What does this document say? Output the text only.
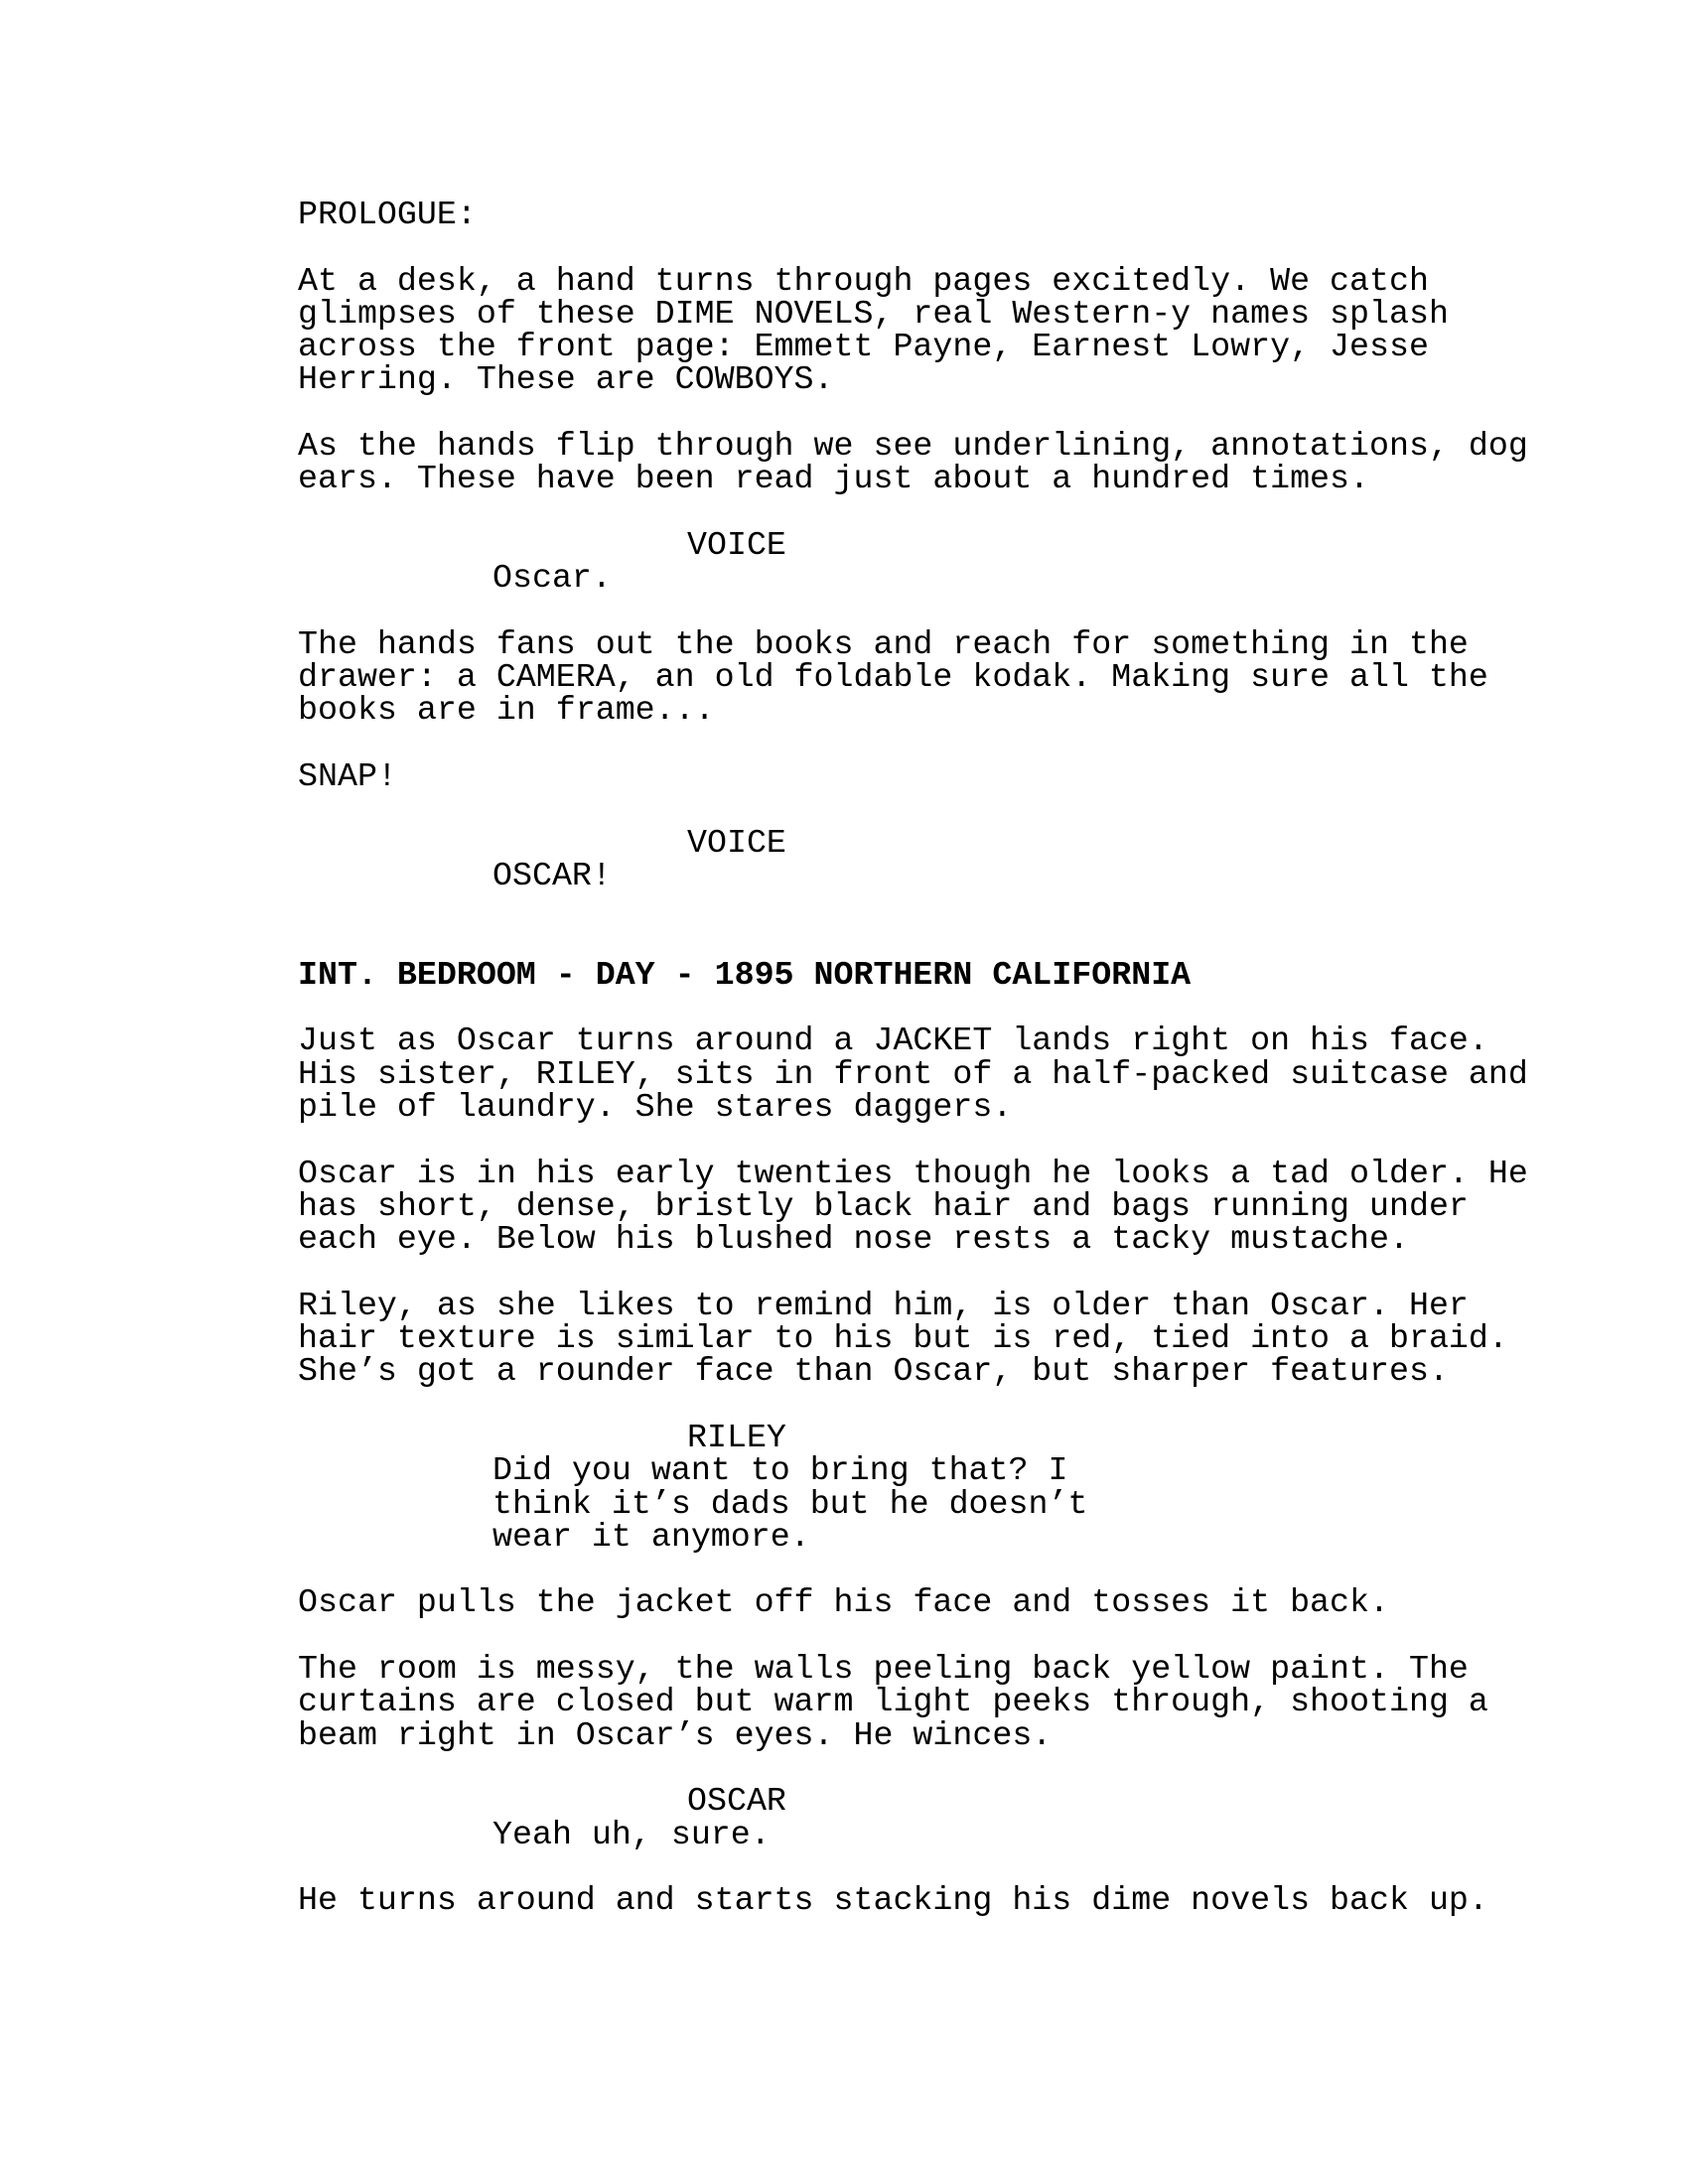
PROLOGUE:
At a desk, a hand turns through pages excitedly. We catch
glimpses of these DIME NOVELS, real Western-y names splash
across the front page: Emmett Payne, Earnest Lowry, Jesse
Herring. These are COWBOYS.
As the hands flip through we see underlining, annotations, dog
ears. These have been read just about a hundred times.
VOICE
Oscar.
The hands fans out the books and reach for something in the
drawer: a CAMERA, an old foldable kodak. Making sure all the
books are in frame...
SNAP!
VOICE
OSCAR!
INT. BEDROOM - DAY - 1895 NORTHERN CALIFORNIA
Just as Oscar turns around a JACKET lands right on his face.
His sister, RILEY, sits in front of a half-packed suitcase and
pile of laundry. She stares daggers.
Oscar is in his early twenties though he looks a tad older. He
has short, dense, bristly black hair and bags running under
each eye. Below his blushed nose rests a tacky mustache.
Riley, as she likes to remind him, is older than Oscar. Her
hair texture is similar to his but is red, tied into a braid.
She’s got a rounder face than Oscar, but sharper features.
RILEY
Did you want to bring that? I
think it’s dads but he doesn’t
wear it anymore.
Oscar pulls the jacket off his face and tosses it back.
The room is messy, the walls peeling back yellow paint. The
curtains are closed but warm light peeks through, shooting a
beam right in Oscar’s eyes. He winces.
OSCAR
Yeah uh, sure.
He turns around and starts stacking his dime novels back up.
